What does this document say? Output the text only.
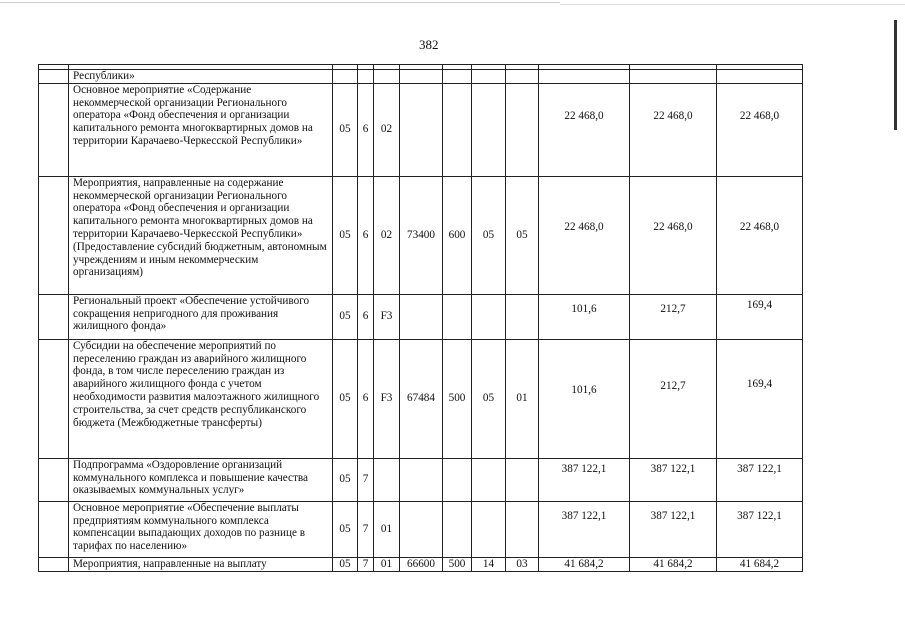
382

	Республики»										
	Основное мероприятие «Содержание некоммерческой организации Регионального оператора «Фонд обеспечения и организации капитального ремонта многоквартирных домов на территории Карачаево-Черкесской Республики»	05	6	02					22 468,0	22 468,0	22 468,0
	Мероприятия, направленные на содержание некоммерческой организации Регионального оператора «Фонд обеспечения и организации капитального ремонта многоквартирных домов на территории Карачаево-Черкесской Республики» (Предоставление субсидий бюджетным, автономным учреждениям и иным некоммерческим организациям)	05	6	02	73400	600	05	05	22 468,0	22 468,0	22 468,0
	Региональный проект «Обеспечение устойчивого сокращения непригодного для проживания жилищного фонда»	05	6	F3					101,6	212,7	169,4
	Субсидии на обеспечение мероприятий по переселению граждан из аварийного жилищного фонда, в том числе переселению граждан из аварийного жилищного фонда с учетом необходимости развития малоэтажного жилищного строительства, за счет средств республиканского бюджета (Межбюджетные трансферты)	05	6	F3	67484	500	05	01	101,6	212,7	169,4
	Подпрограмма «Оздоровление организаций коммунального комплекса и повышение качества оказываемых коммунальных услуг»	05	7						387 122,1	387 122,1	387 122,1
	Основное мероприятие «Обеспечение выплаты предприятиям коммунального комплекса компенсации выпадающих доходов по разнице в тарифах по населению»	05	7	01					387 122,1	387 122,1	387 122,1
	Мероприятия, направленные на выплату	05	7	01	66600	500	14	03	41 684,2	41 684,2	41 684,2
